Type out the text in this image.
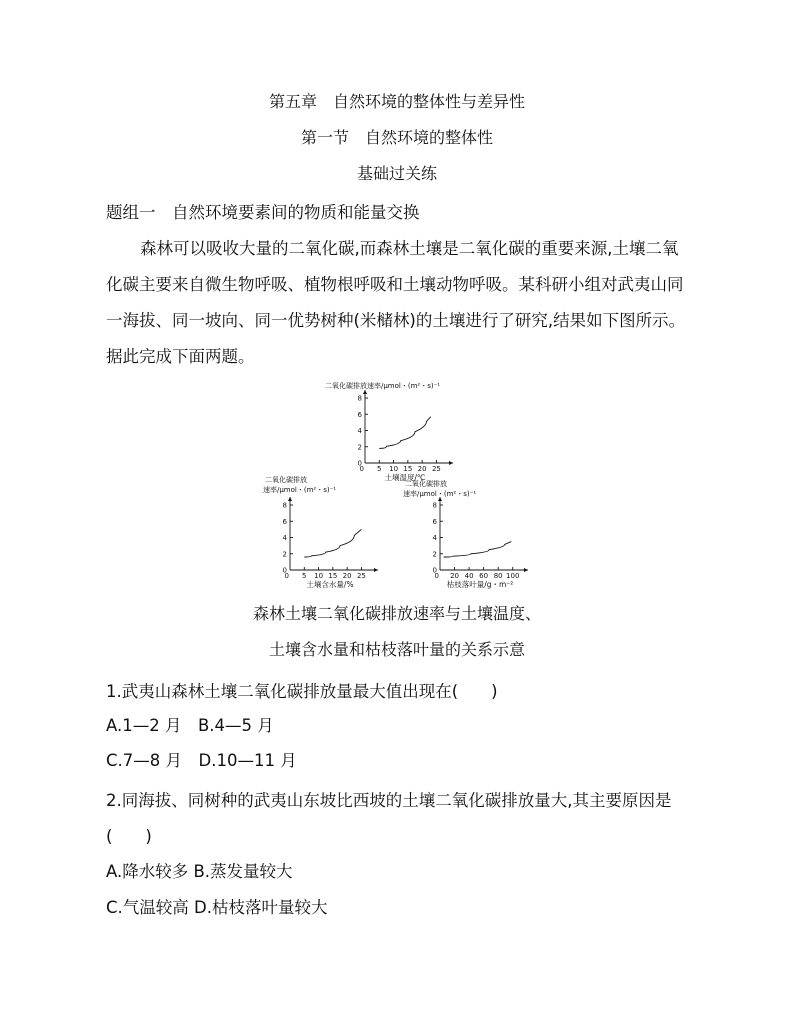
第五章　自然环境的整体性与差异性
第一节　自然环境的整体性
基础过关练
题组一　自然环境要素间的物质和能量交换
森林可以吸收大量的二氧化碳,而森林土壤是二氧化碳的重要来源,土壤二氧
化碳主要来自微生物呼吸、植物根呼吸和土壤动物呼吸。某科研小组对武夷山同
一海拔、同一坡向、同一优势树种(米槠林)的土壤进行了研究,结果如下图所示。
据此完成下面两题。
0
2
4
6
8
5 10 15 20 25
0
二氧化碳排放速率/μmol・(m²・s)⁻¹
土壤温度/℃
0
2
4
6
8
5 10 15 20 25
0
二氧化碳排放
速率/μmol・(m²・s)⁻¹
土壤含水量/%
0
2
4
6
8
20 40 60 80 100
0
二氧化碳排放
速率/μmol・(m²・s)⁻¹
枯枝落叶量/g・m⁻²
森林土壤二氧化碳排放速率与土壤温度、
土壤含水量和枯枝落叶量的关系示意
1.武夷山森林土壤二氧化碳排放量最大值出现在(　　)
A.1—2 月　B.4—5 月
C.7—8 月　D.10—11 月
2.同海拔、同树种的武夷山东坡比西坡的土壤二氧化碳排放量大,其主要原因是
(　　)
A.降水较多 B.蒸发量较大
C.气温较高 D.枯枝落叶量较大
